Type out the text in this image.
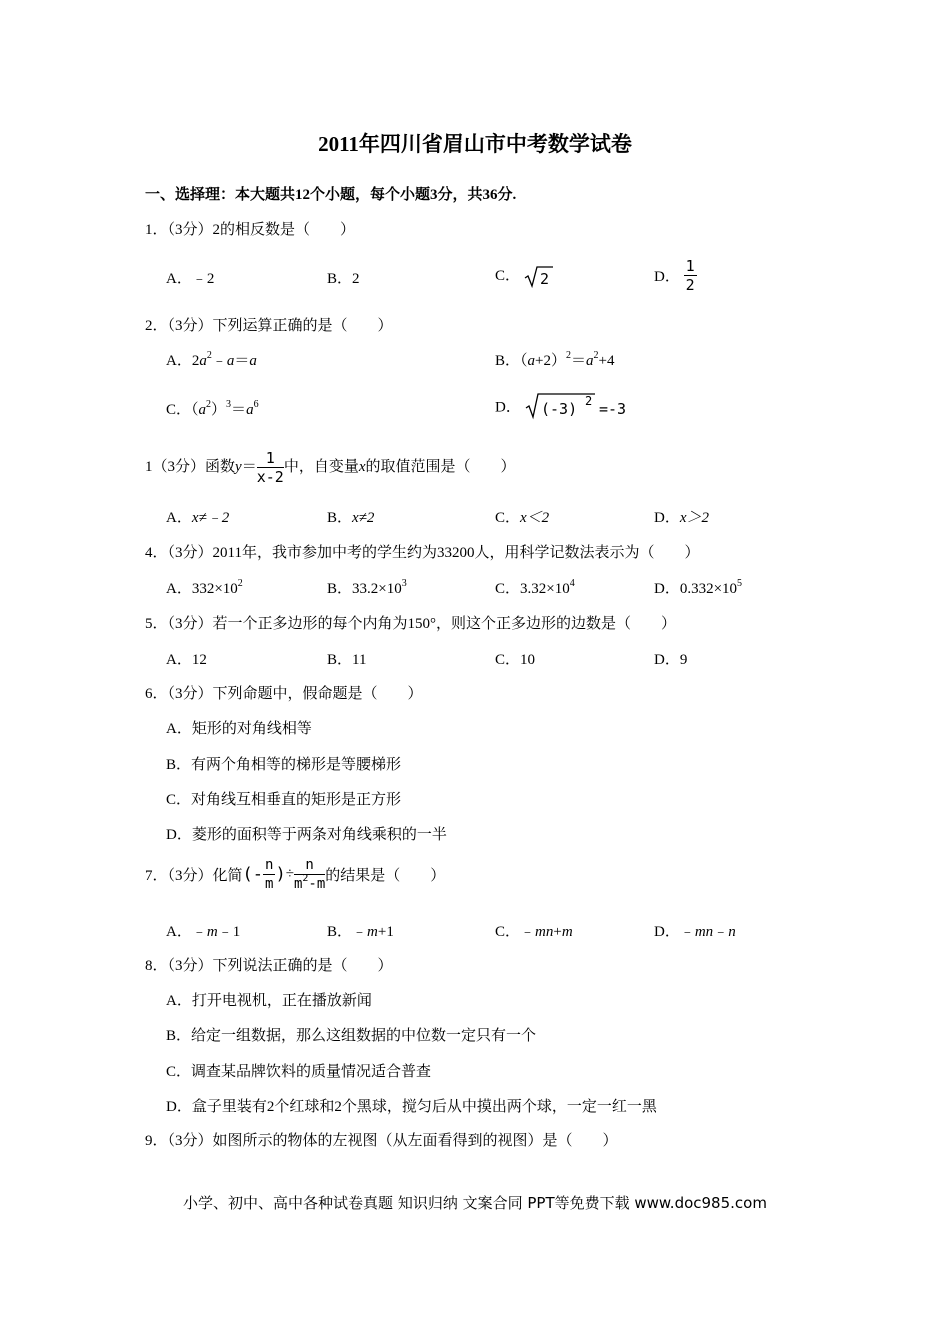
2011年四川省眉山市中考数学试卷
一、选择理：本大题共12个小题，每个小题3分，共36分.
1．（3分）2的相反数是（　　）
A．﹣2	B．2	C． 2	D． $\frac{1}{2}$
2．（3分）下列运算正确的是（　　）
A．$2a^2﹣a=a$	B．$(a+2)^2=a^2+4$
C．$(a^2)^3=a^6$	D． (-3) 2 =-3
1（3分）函数$y= \frac{1}{x-2}$ 中，自变量x的取值范围是（　　）
A．x≠﹣2	B．x≠2	C．x＜2	D．x＞2
4．（3分）2011年，我市参加中考的学生约为33200人，用科学记数法表示为（　　）
A．$332\times 10^2$	B．$33.2\times 10^3$	C．$3.32\times 10^4$	D．$0.332\times 10^5$
5．（3分）若一个正多边形的每个内角为150°，则这个正多边形的边数是（　　）
A．12	B．11	C．10	D．9
6．（3分）下列命题中，假命题是（　　）
A．矩形的对角线相等
B．有两个角相等的梯形是等腰梯形
C．对角线互相垂直的矩形是正方形
D．菱形的面积等于两条对角线乘积的一半
7．（3分）化简(- $\frac{n}{m}$ )÷ $\frac{n}{m^2-m}$ 的结果是（　　）
A．﹣m﹣1	B．﹣m+1	C．﹣mn+m	D．﹣mn﹣n
8．（3分）下列说法正确的是（　　）
A．打开电视机，正在播放新闻
B．给定一组数据，那么这组数据的中位数一定只有一个
C．调查某品牌饮料的质量情况适合普查
D．盒子里装有2个红球和2个黑球，搅匀后从中摸出两个球，一定一红一黑
9．（3分）如图所示的物体的左视图（从左面看得到的视图）是（　　）
小学、初中、高中各种试卷真题 知识归纳 文案合同 PPT等免费下载 www.doc985.com
